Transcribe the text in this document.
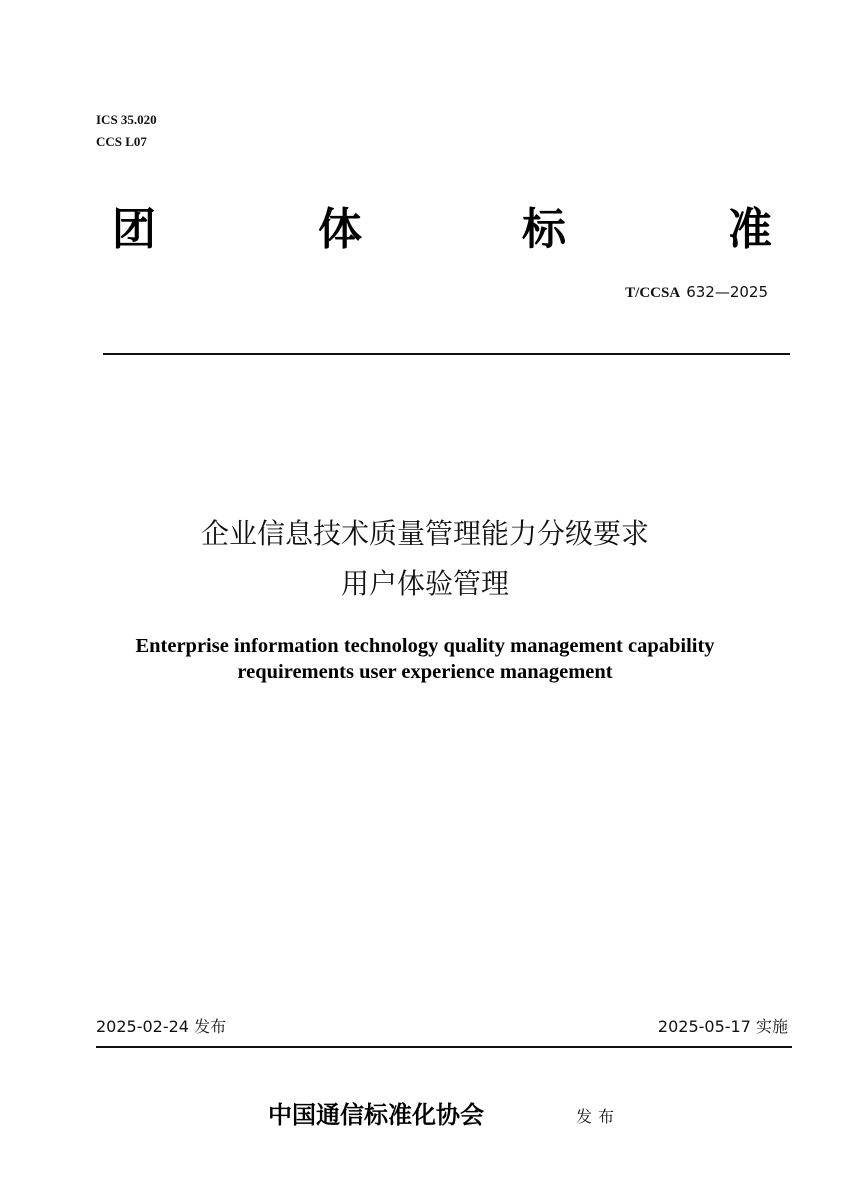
ICS 35.020
CCS L07
团	体	标	准
T/CCSA 632—2025
企业信息技术质量管理能力分级要求
用户体验管理
Enterprise information technology quality management capability
requirements user experience management
2025-02-24 发布	2025-05-17 实施
中国通信标准化协会	发布
